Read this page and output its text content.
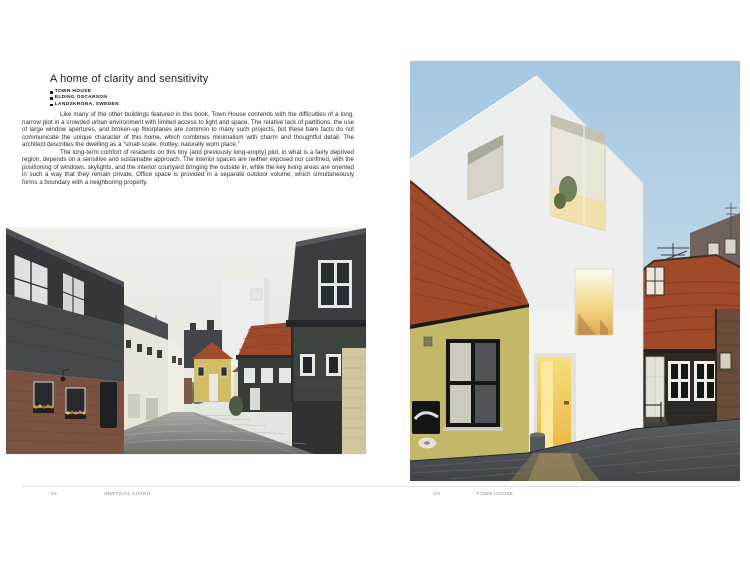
A home of clarity and sensitivity
TOWN HOUSE
ELDING OSCARSON
LANDSKRONA, SWEDEN

Like many of the other buildings featured in this book, Town House contends with the difficulties of a long, narrow plot in a crowded urban environment with limited access to light and space. The relative lack of partitions, the use of large window apertures, and broken-up floorplanes are common to many such projects, but these bare facts do not communicate the unique character of this home, which combines minimalism with charm and thoughtful detail. The architect describes the dwelling as a “small-scale, motley, naturally worn place.”

The long-term comfort of residents on this tiny (and previously long-empty) plot, in what is a fairly deprived region, depends on a sensitive and sustainable approach. The interior spaces are neither exposed nor confined, with the positioning of windows, skylights, and the interior courtyard bringing the outside in, while the key living areas are oriented in such a way that they remain private. Office space is provided in a separate outdoor volume, which simultaneously forms a boundary with a neighboring property.

22	VERTICAL LIVING	23	TOWN HOUSE
